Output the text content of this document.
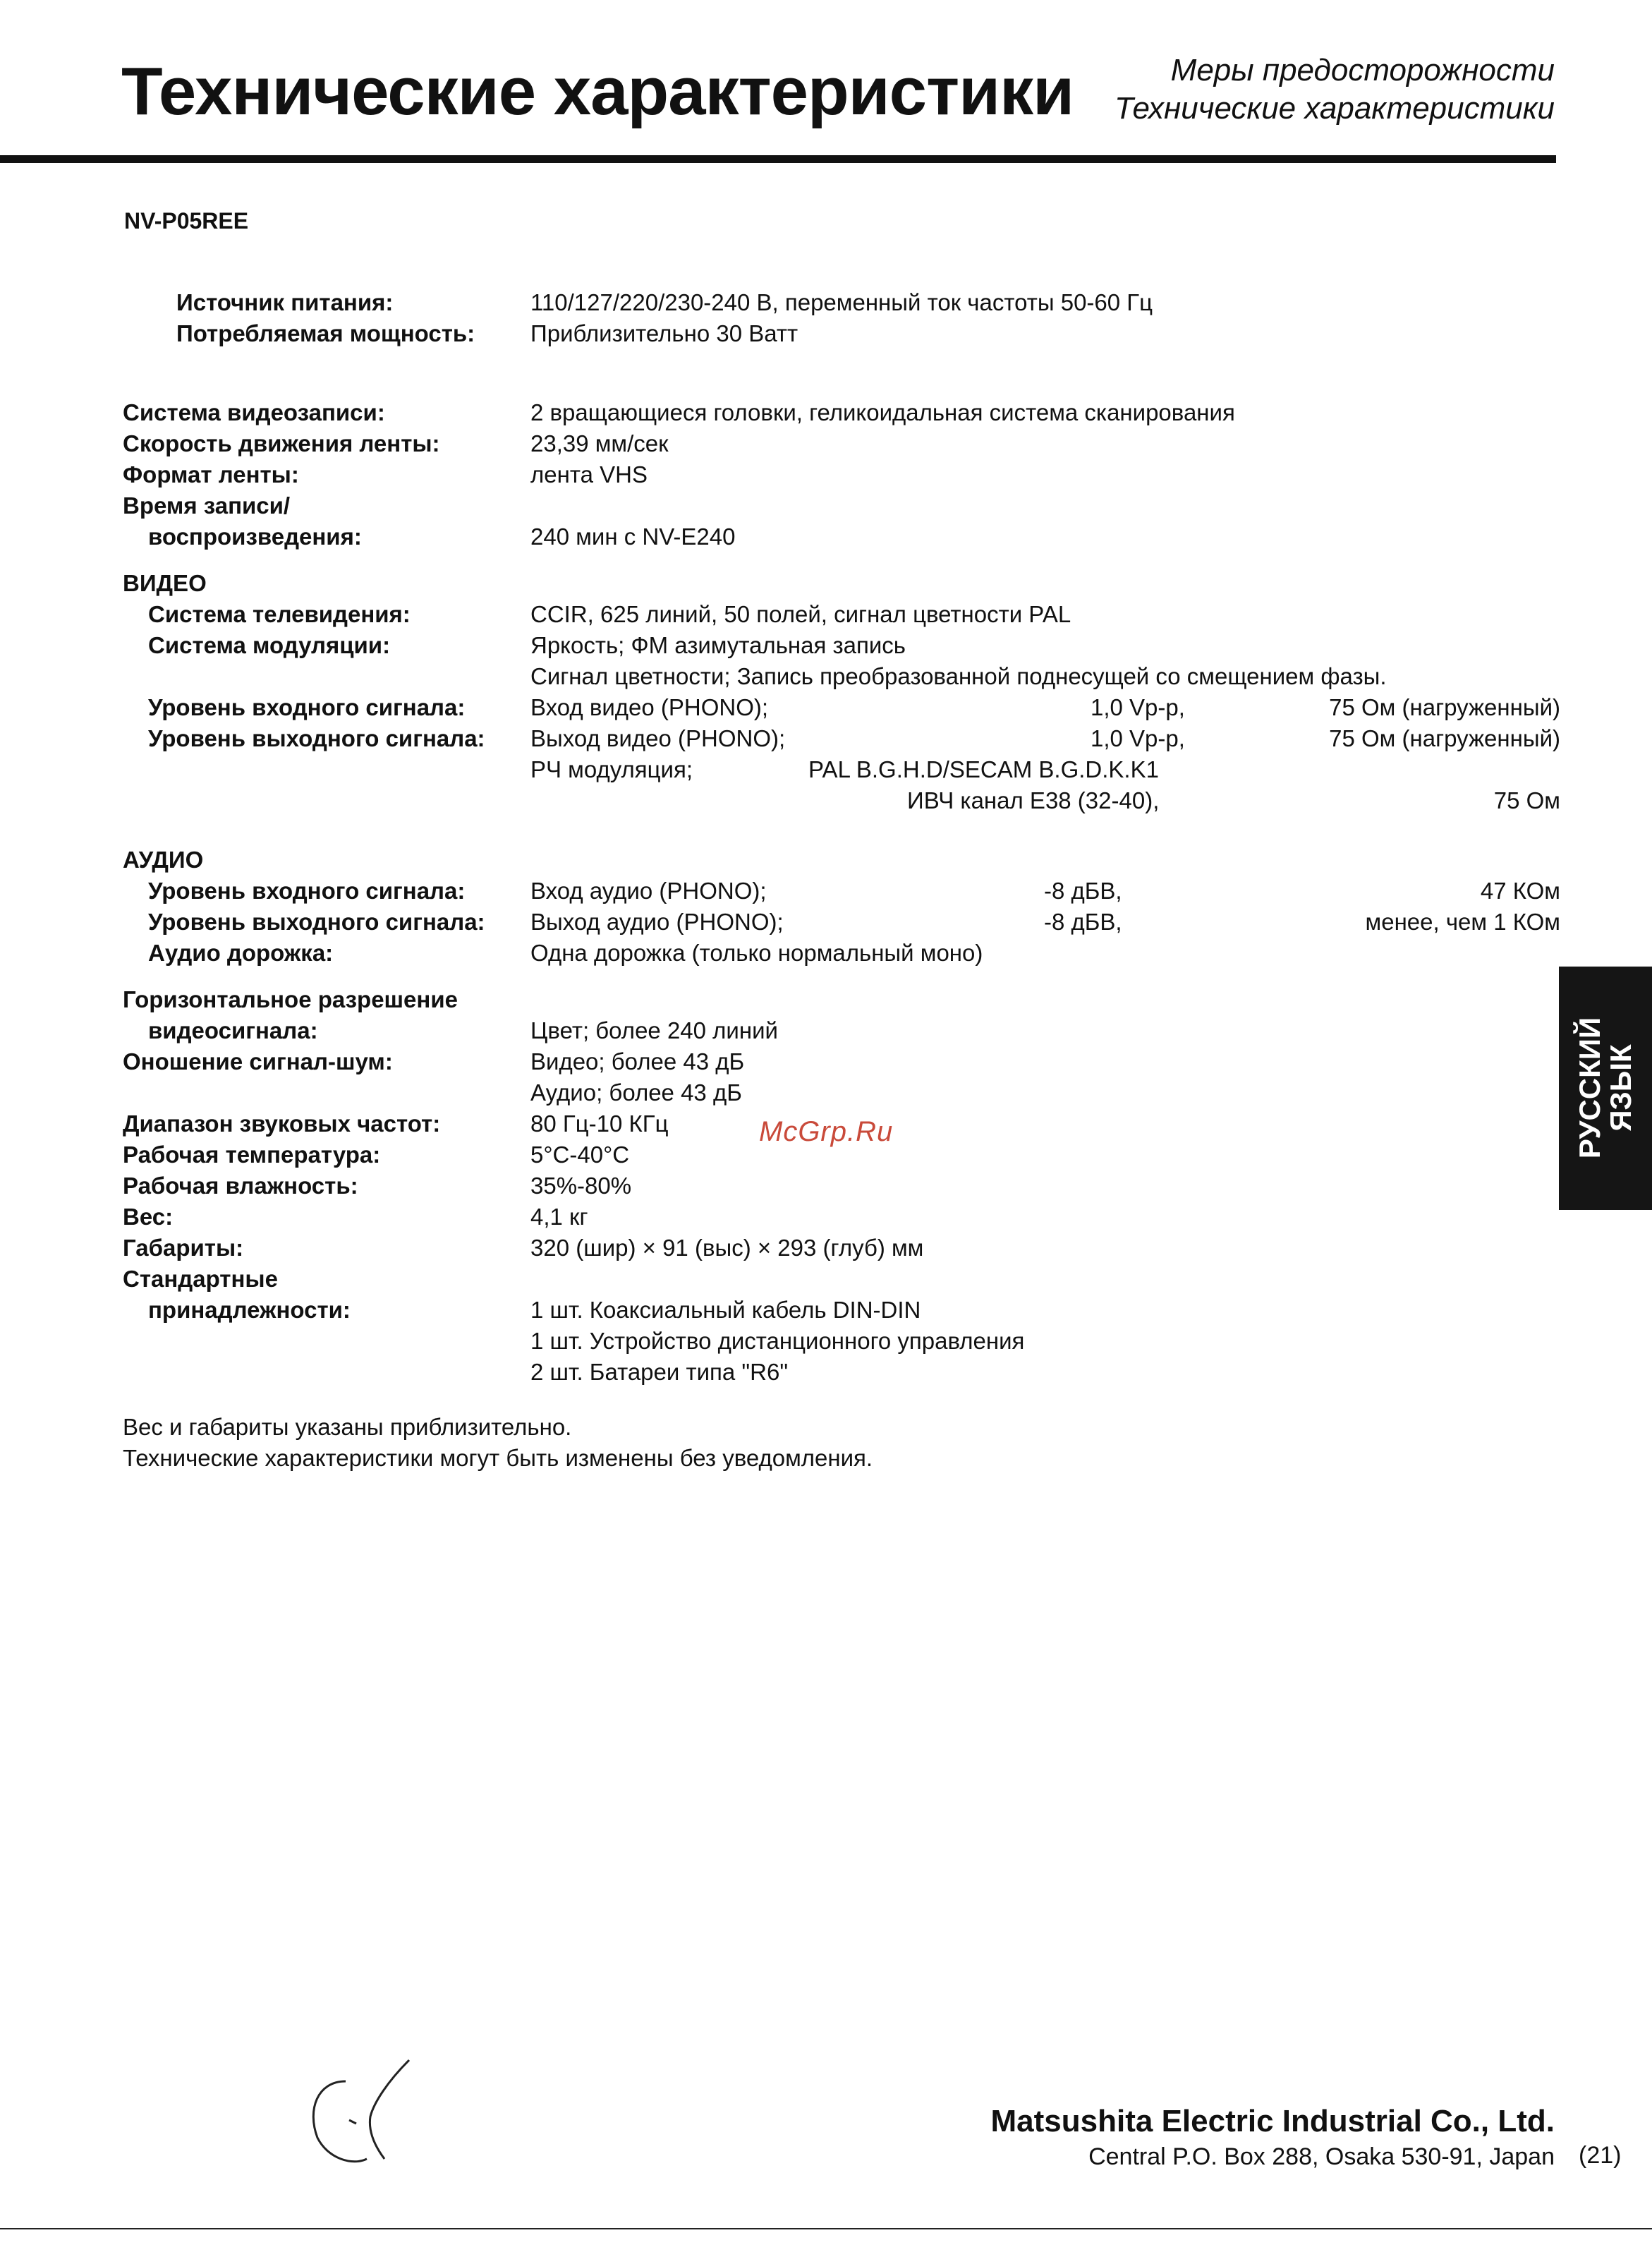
Технические характеристики	Меры предосторожности
Технические характеристики
NV-P05REE
Источник питания:	110/127/220/230-240 В, переменный ток частоты 50-60 Гц
Потребляемая мощность: Приблизительно 30 Ватт
Система видеозаписи:	2 вращающиеся головки, геликоидальная система сканирования
Скорость движения ленты:	23,39 мм/сек
Формат ленты:	лента VHS
Время записи/
воспроизведения:	240 мин с NV-E240
ВИДЕО
Система телевидения:	CCIR, 625 линий, 50 полей, сигнал цветности PAL
Система модуляции:	Яркость; ФМ азимутальная запись
Сигнал цветности; Запись преобразованной поднесущей со смещением фазы.
Уровень входного сигнала:	Вход видео (PHONO);	1,0 Vp-p,	75 Ом (нагруженный)
Уровень выходного сигнала: Выход видео (PHONO);	1,0 Vp-p,	75 Ом (нагруженный)
РЧ модуляция;	PAL B.G.H.D/SECAM B.G.D.K.K1
ИВЧ канал E38 (32-40),	75 Ом
АУДИО
Уровень входного сигнала:	Вход аудио (PHONO);	-8 дБВ,	47 КОм
Уровень выходного сигнала: Выход аудио (PHONO);	-8 дБВ,	менее, чем 1 КОм
Аудио дорожка:	Одна дорожка (только нормальный моно)
Горизонтальное разрешение
видеосигнала:	Цвет; более 240 линий
Оношение сигнал-шум:	Видео; более 43 дБ
Аудио; более 43 дБ
Диапазон звуковых частот:	80 Гц-10 КГц
Рабочая температура:	5°C-40°C
Рабочая влажность:	35%-80%
Вес:	4,1 кг
Габариты:	320 (шир) × 91 (выс) × 293 (глуб) мм
Стандартные
принадлежности:	1 шт. Коаксиальный кабель DIN-DIN
1 шт. Устройство дистанционного управления
2 шт. Батареи типа "R6"
Вес и габариты указаны приблизительно.
Технические характеристики могут быть изменены без уведомления.
McGrp.Ru	РУССКИЙ
ЯЗЫК
Matsushita Electric Industrial Co., Ltd.
Central P.O. Box 288, Osaka 530-91, Japan (21)
